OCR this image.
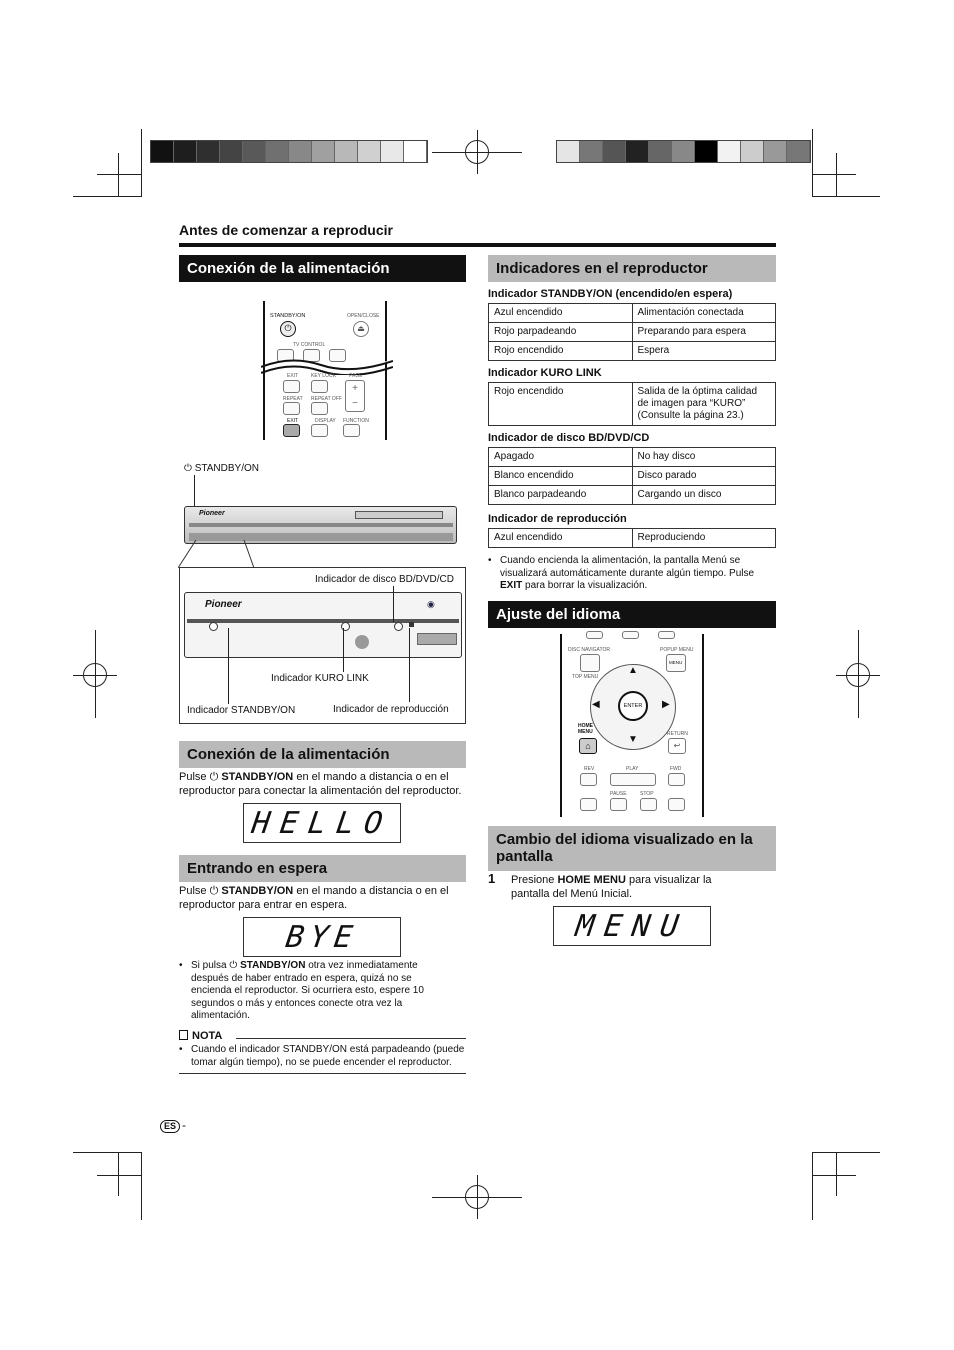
Antes de comenzar a reproducir
Conexión de la alimentación
STANDBY/ON
⏻
OPEN/CLOSE
⏏
TV CONTROL
EXIT	KEY LOCK	PAGE
+
−
REPEAT REPEAT OFF
EXIT	DISPLAY FUNCTION
⏻ STANDBY/ON
Pioneer
Pioneer	◉
Indicador de disco BD/DVD/CD
Indicador KURO LINK
Indicador STANDBY/ON	Indicador de reproducción
Conexión de la alimentación
Pulse ⏻ STANDBY/ON en el mando a distancia o en el reproductor para conectar la alimentación del reproductor.
HELLO
Entrando en espera
Pulse ⏻ STANDBY/ON en el mando a distancia o en el reproductor para entrar en espera.
BYE
• Si pulsa ⏻ STANDBY/ON otra vez inmediatamente después de haber entrado en espera, quizá no se encienda el reproductor. Si ocurriera esto, espere 10 segundos o más y entonces conecte otra vez la alimentación.
NOTA
• Cuando el indicador STANDBY/ON está parpadeando (puede tomar algún tiempo), no se puede encender el reproductor.
Indicadores en el reproductor
Indicador STANDBY/ON (encendido/en espera)
Azul encendido	Alimentación conectada
Rojo parpadeando	Preparando para espera
Rojo encendido	Espera
Indicador KURO LINK
Rojo encendido	Salida de la óptima calidad de imagen para “KURO” (Consulte la página 23.)
Indicador de disco BD/DVD/CD
Apagado	No hay disco
Blanco encendido	Disco parado
Blanco parpadeando	Cargando un disco
Indicador de reproducción
Azul encendido	Reproduciendo
• Cuando encienda la alimentación, la pantalla Menú se visualizará automáticamente durante algún tiempo. Pulse EXIT para borrar la visualización.
Ajuste del idioma
DISC NAVIGATOR	POPUP MENU
TOP MENU
MENU
▲
▼
◀	▶
ENTER
HOME MENU
⌂
RETURN
↩
REV	PLAY	FWD
PAUSE	STOP
Cambio del idioma visualizado en la pantalla
1 Presione HOME MENU para visualizar la pantalla del Menú Inicial.
MENU
ES -
